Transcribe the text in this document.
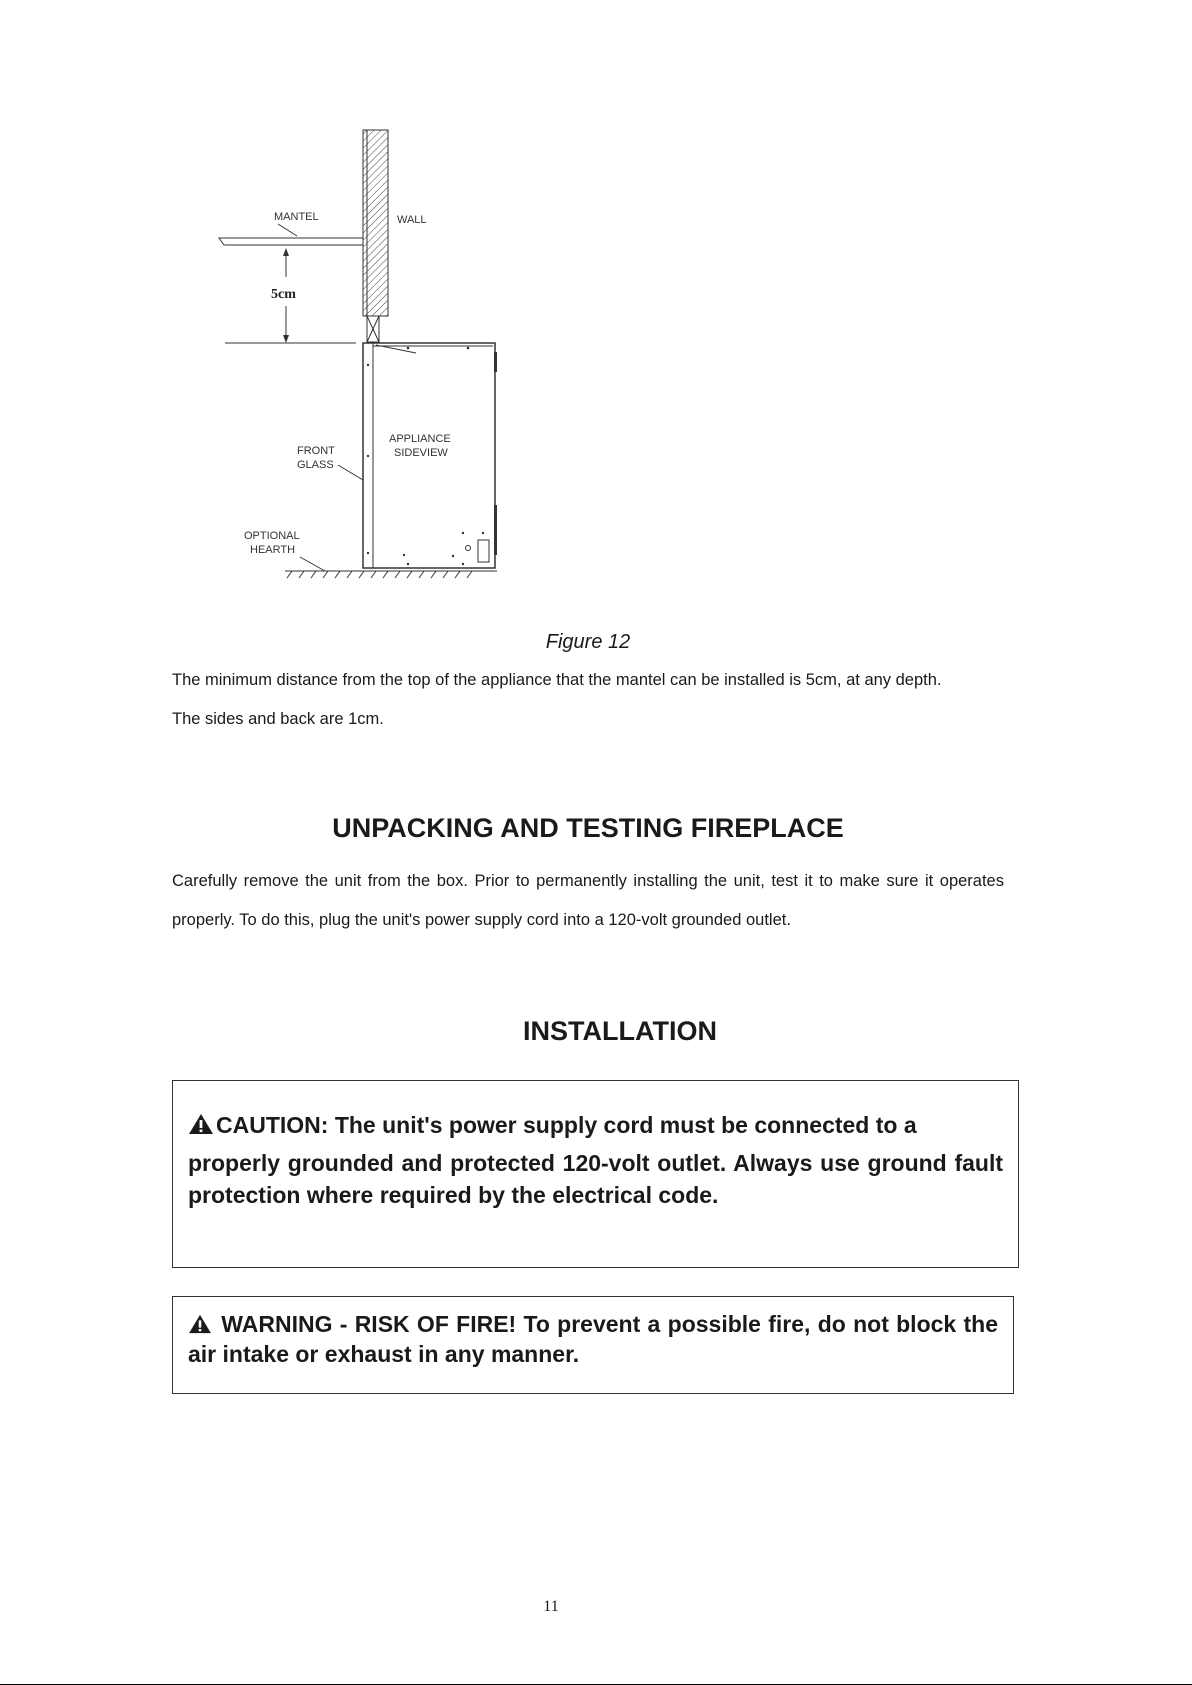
MANTEL	WALL
5cm
APPLIANCE
SIDEVIEW
FRONT
GLASS
OPTIONAL
HEARTH
Figure 12
The minimum distance from the top of the appliance that the mantel can be installed is 5cm, at any depth.
The sides and back are 1cm.
UNPACKING AND TESTING FIREPLACE
Carefully remove the unit from the box. Prior to permanently installing the unit, test it to make sure it operates properly. To do this, plug the unit's power supply cord into a 120-volt grounded outlet.
INSTALLATION

CAUTION: The unit's power supply cord must be connected to a

properly grounded and protected 120-volt outlet. Always use ground fault protection where required by the electrical code.

WARNING - RISK OF FIRE! To prevent a possible fire, do not block the air intake or exhaust in any manner.

11
